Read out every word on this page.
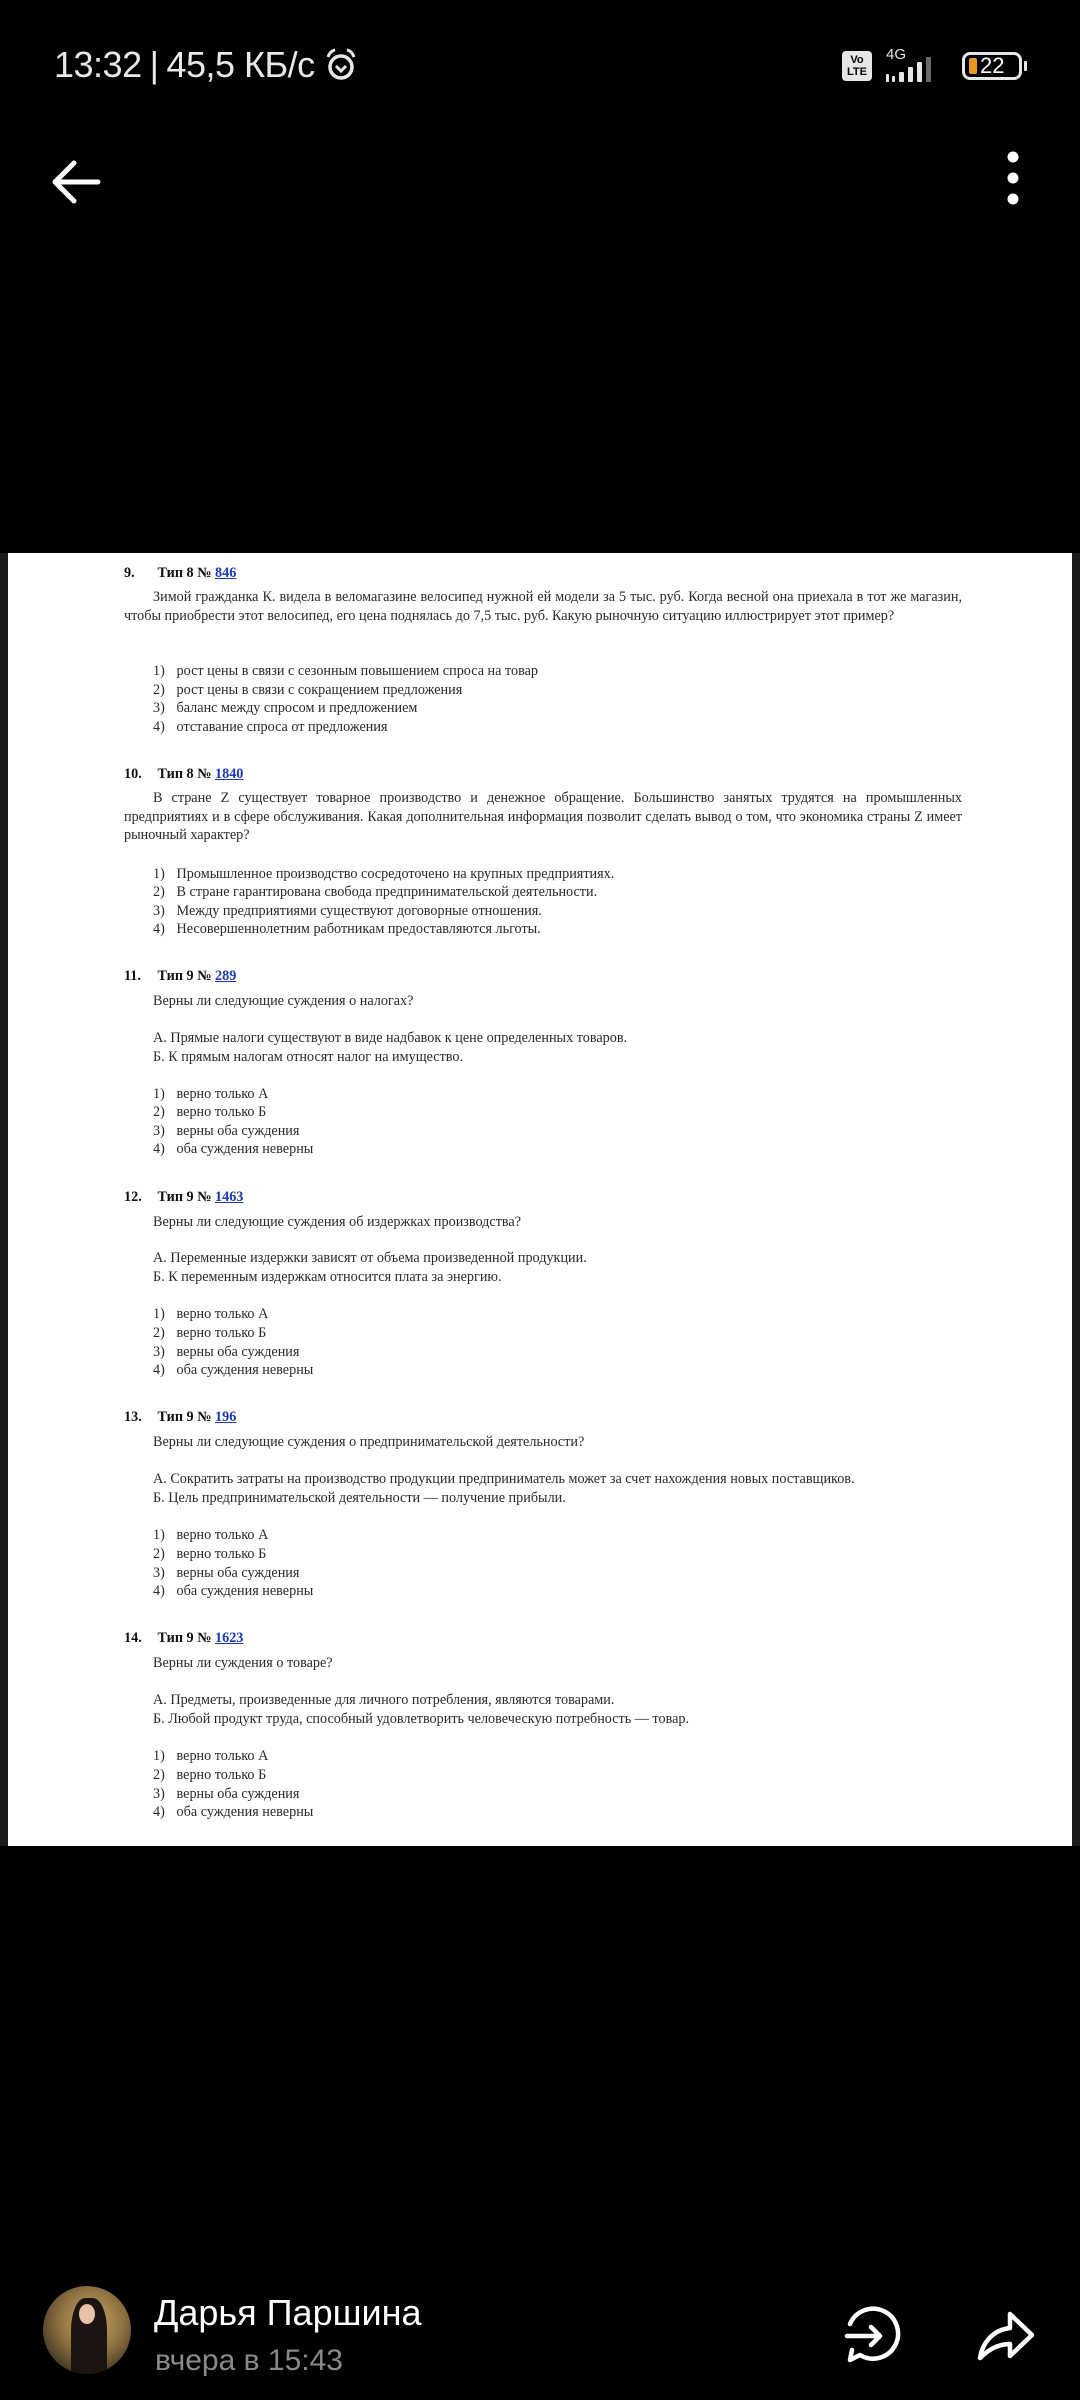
13:32 | 45,5 КБ/с	Vo
LTE
4G	22
9. Тип 8 № 846
Зимой гражданка К. видела в веломагазине велосипед нужной ей модели за 5 тыс. руб. Когда весной она приехала в тот же магазин, чтобы приобрести этот велосипед, его цена поднялась до 7,5 тыс. руб. Какую рыночную ситуацию иллюстрирует этот пример?
1) рост цены в связи с сезонным повышением спроса на товар
2) рост цены в связи с сокращением предложения
3) баланс между спросом и предложением
4) отставание спроса от предложения
10. Тип 8 № 1840
В стране Z существует товарное производство и денежное обращение. Большинство занятых трудятся на промышленных предприятиях и в сфере обслуживания. Какая дополнительная информация позволит сделать вывод о том, что экономика страны Z имеет рыночный характер?
1) Промышленное производство сосредоточено на крупных предприятиях.
2) В стране гарантирована свобода предпринимательской деятельности.
3) Между предприятиями существуют договорные отношения.
4) Несовершеннолетним работникам предоставляются льготы.
11. Тип 9 № 289
Верны ли следующие суждения о налогах?
А. Прямые налоги существуют в виде надбавок к цене определенных товаров.
Б. К прямым налогам относят налог на имущество.
1) верно только А
2) верно только Б
3) верны оба суждения
4) оба суждения неверны
12. Тип 9 № 1463
Верны ли следующие суждения об издержках производства?
А. Переменные издержки зависят от объема произведенной продукции.
Б. К переменным издержкам относится плата за энергию.
1) верно только А
2) верно только Б
3) верны оба суждения
4) оба суждения неверны
13. Тип 9 № 196
Верны ли следующие суждения о предпринимательской деятельности?
А. Сократить затраты на производство продукции предприниматель может за счет нахождения новых поставщиков.
Б. Цель предпринимательской деятельности — получение прибыли.
1) верно только А
2) верно только Б
3) верны оба суждения
4) оба суждения неверны
14. Тип 9 № 1623
Верны ли суждения о товаре?
А. Предметы, произведенные для личного потребления, являются товарами.
Б. Любой продукт труда, способный удовлетворить человеческую потребность — товар.
1) верно только А
2) верно только Б
3) верны оба суждения
4) оба суждения неверны
Дарья Паршина
вчера в 15:43
